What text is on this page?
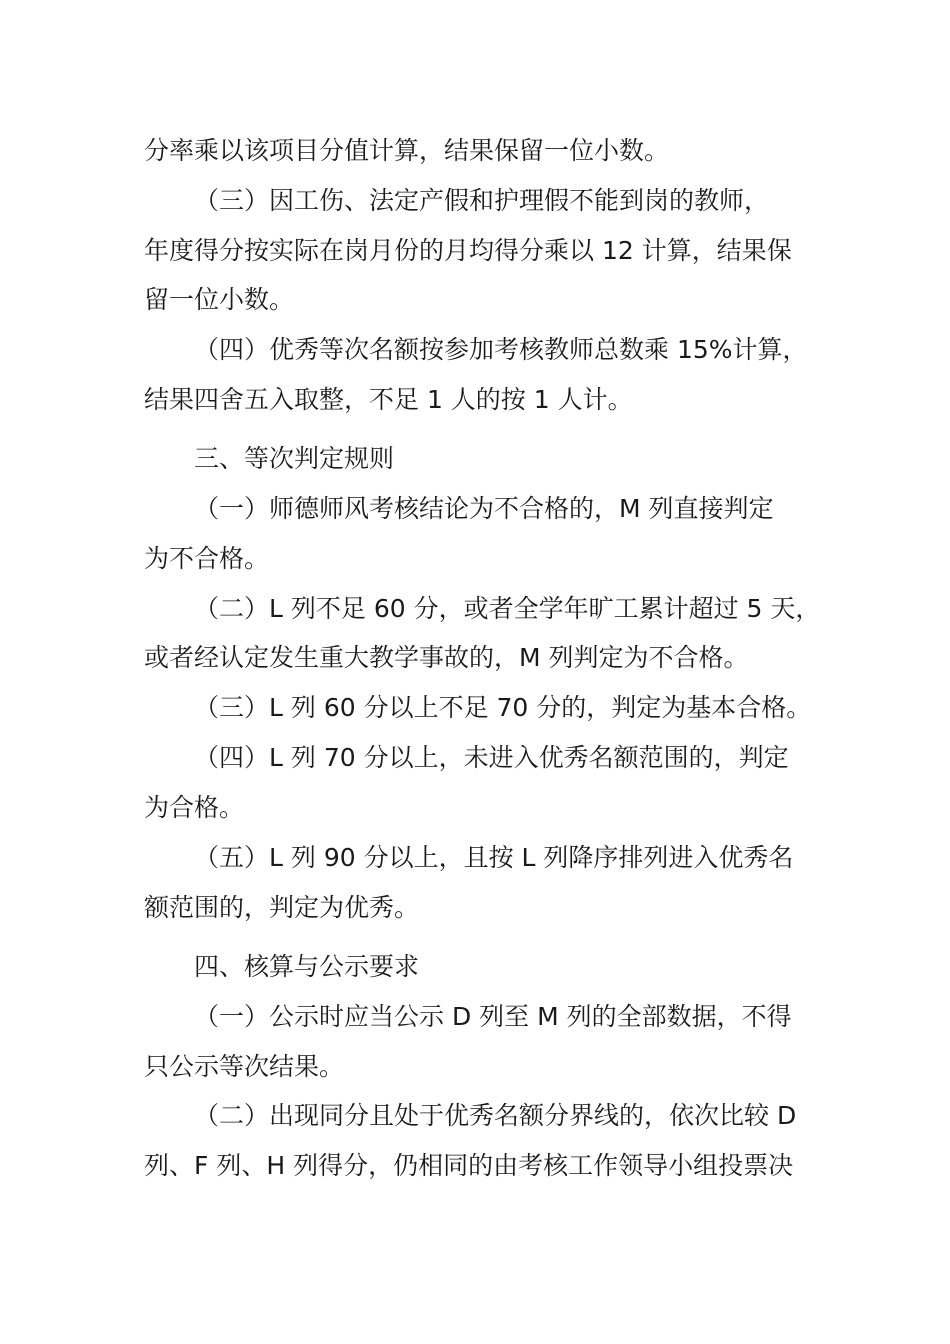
分率乘以该项目分值计算，结果保留一位小数。

（三）因工伤、法定产假和护理假不能到岗的教师，

年度得分按实际在岗月份的月均得分乘以 12 计算，结果保

留一位小数。

（四）优秀等次名额按参加考核教师总数乘 15%计算，

结果四舍五入取整，不足 1 人的按 1 人计。

三、等次判定规则

（一）师德师风考核结论为不合格的，M 列直接判定

为不合格。

（二）L 列不足 60 分，或者全学年旷工累计超过 5 天，

或者经认定发生重大教学事故的，M 列判定为不合格。

（三）L 列 60 分以上不足 70 分的，判定为基本合格。

（四）L 列 70 分以上，未进入优秀名额范围的，判定

为合格。

（五）L 列 90 分以上，且按 L 列降序排列进入优秀名

额范围的，判定为优秀。

四、核算与公示要求

（一）公示时应当公示 D 列至 M 列的全部数据，不得

只公示等次结果。

（二）出现同分且处于优秀名额分界线的，依次比较 D

列、F 列、H 列得分，仍相同的由考核工作领导小组投票决
